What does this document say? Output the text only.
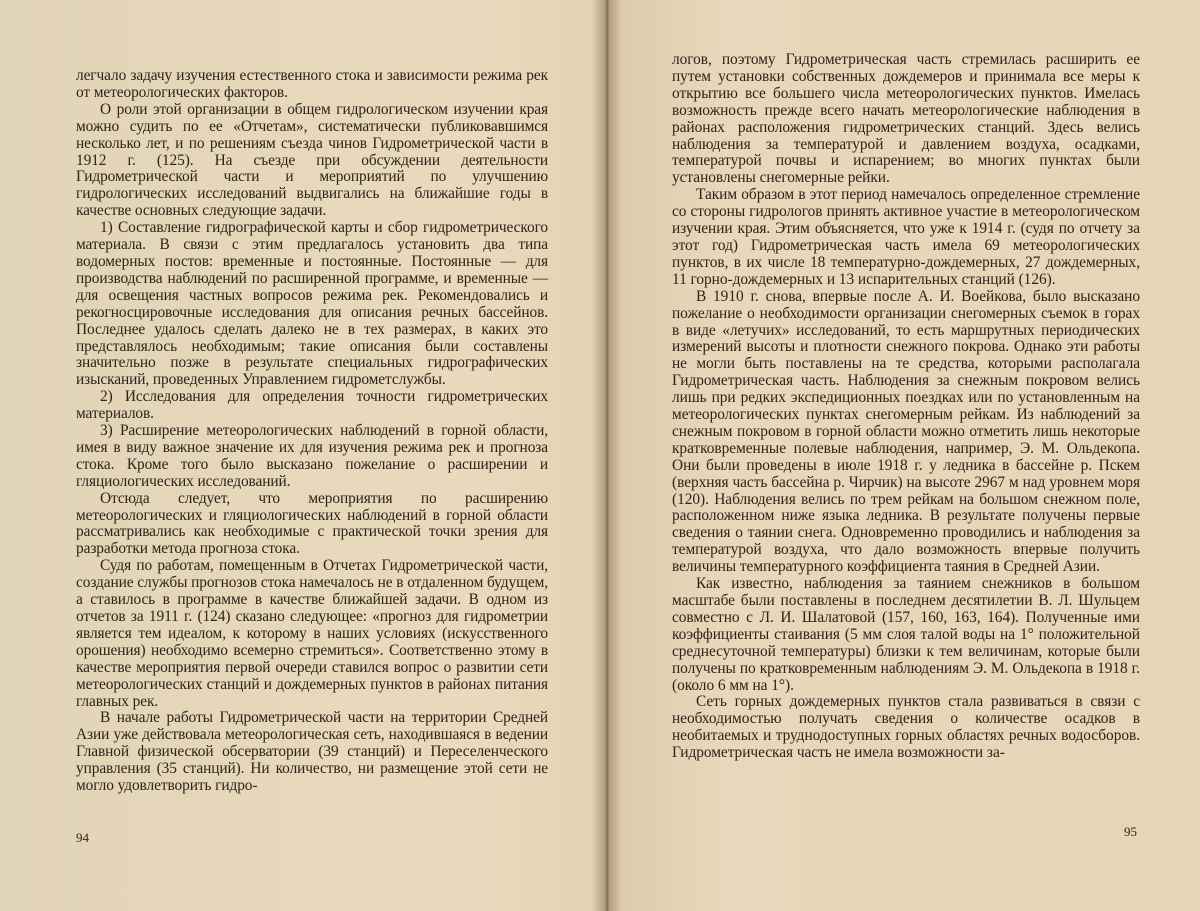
легчало задачу изучения естественного стока и зависимости режима рек от метеорологических факторов.

О роли этой организации в общем гидрологическом изучении края можно судить по ее «Отчетам», систематически публиковавшимся несколько лет, и по решениям съезда чинов Гидрометрической части в 1912 г. (125). На съезде при обсуждении деятельности Гидрометрической части и мероприятий по улучшению гидрологических исследований выдвигались на ближайшие годы в качестве основных следующие задачи.

1) Составление гидрографической карты и сбор гидрометрического материала. В связи с этим предлагалось установить два типа водомерных постов: временные и постоянные. Постоянные — для производства наблюдений по расширенной программе, и временные — для освещения частных вопросов режима рек. Рекомендовались и рекогносцировочные исследования для описания речных бассейнов. Последнее удалось сделать далеко не в тех размерах, в каких это представлялось необходимым; такие описания были составлены значительно позже в результате специальных гидрографических изысканий, проведенных Управлением гидрометслужбы.

2) Исследования для определения точности гидрометрических материалов.

3) Расширение метеорологических наблюдений в горной области, имея в виду важное значение их для изучения режима рек и прогноза стока. Кроме того было высказано пожелание о расширении и гляциологических исследований.

Отсюда следует, что мероприятия по расширению метеорологических и гляциологических наблюдений в горной области рассматривались как необходимые с практической точки зрения для разработки метода прогноза стока.

Судя по работам, помещенным в Отчетах Гидрометрической части, создание службы прогнозов стока намечалось не в отдаленном будущем, а ставилось в программе в качестве ближайшей задачи. В одном из отчетов за 1911 г. (124) сказано следующее: «прогноз для гидрометрии является тем идеалом, к которому в наших условиях (искусственного орошения) необходимо всемерно стремиться». Соответственно этому в качестве мероприятия первой очереди ставился вопрос о развитии сети метеорологических станций и дождемерных пунктов в районах питания главных рек.

В начале работы Гидрометрической части на территории Средней Азии уже действовала метеорологическая сеть, находившаяся в ведении Главной физической обсерватории (39 станций) и Переселенческого управления (35 станций). Ни количество, ни размещение этой сети не могло удовлетворить гидро-

94

логов, поэтому Гидрометрическая часть стремилась расширить ее путем установки собственных дождемеров и принимала все меры к открытию все большего числа метеорологических пунктов. Имелась возможность прежде всего начать метеорологические наблюдения в районах расположения гидрометрических станций. Здесь велись наблюдения за температурой и давлением воздуха, осадками, температурой почвы и испарением; во многих пунктах были установлены снегомерные рейки.

Таким образом в этот период намечалось определенное стремление со стороны гидрологов принять активное участие в метеорологическом изучении края. Этим объясняется, что уже к 1914 г. (судя по отчету за этот год) Гидрометрическая часть имела 69 метеорологических пунктов, в их числе 18 температурно-дождемерных, 27 дождемерных, 11 горно-дождемерных и 13 испарительных станций (126).

В 1910 г. снова, впервые после А. И. Воейкова, было высказано пожелание о необходимости организации снегомерных съемок в горах в виде «летучих» исследований, то есть маршрутных периодических измерений высоты и плотности снежного покрова. Однако эти работы не могли быть поставлены на те средства, которыми располагала Гидрометрическая часть. Наблюдения за снежным покровом велись лишь при редких экспедиционных поездках или по установленным на метеорологических пунктах снегомерным рейкам. Из наблюдений за снежным покровом в горной области можно отметить лишь некоторые кратковременные полевые наблюдения, например, Э. М. Ольдекопа. Они были проведены в июле 1918 г. у ледника в бассейне р. Пскем (верхняя часть бассейна р. Чирчик) на высоте 2967 м над уровнем моря (120). Наблюдения велись по трем рейкам на большом снежном поле, расположенном ниже языка ледника. В результате получены первые сведения о таянии снега. Одновременно проводились и наблюдения за температурой воздуха, что дало возможность впервые получить величины температурного коэффициента таяния в Средней Азии.

Как известно, наблюдения за таянием снежников в большом масштабе были поставлены в последнем десятилетии В. Л. Шульцем совместно с Л. И. Шалатовой (157, 160, 163, 164). Полученные ими коэффициенты стаивания (5 мм слоя талой воды на 1° положительной среднесуточной температуры) близки к тем величинам, которые были получены по кратковременным наблюдениям Э. М. Ольдекопа в 1918 г. (около 6 мм на 1°).

Сеть горных дождемерных пунктов стала развиваться в связи с необходимостью получать сведения о количестве осадков в необитаемых и труднодоступных горных областях речных водосборов. Гидрометрическая часть не имела возможности за-

95
